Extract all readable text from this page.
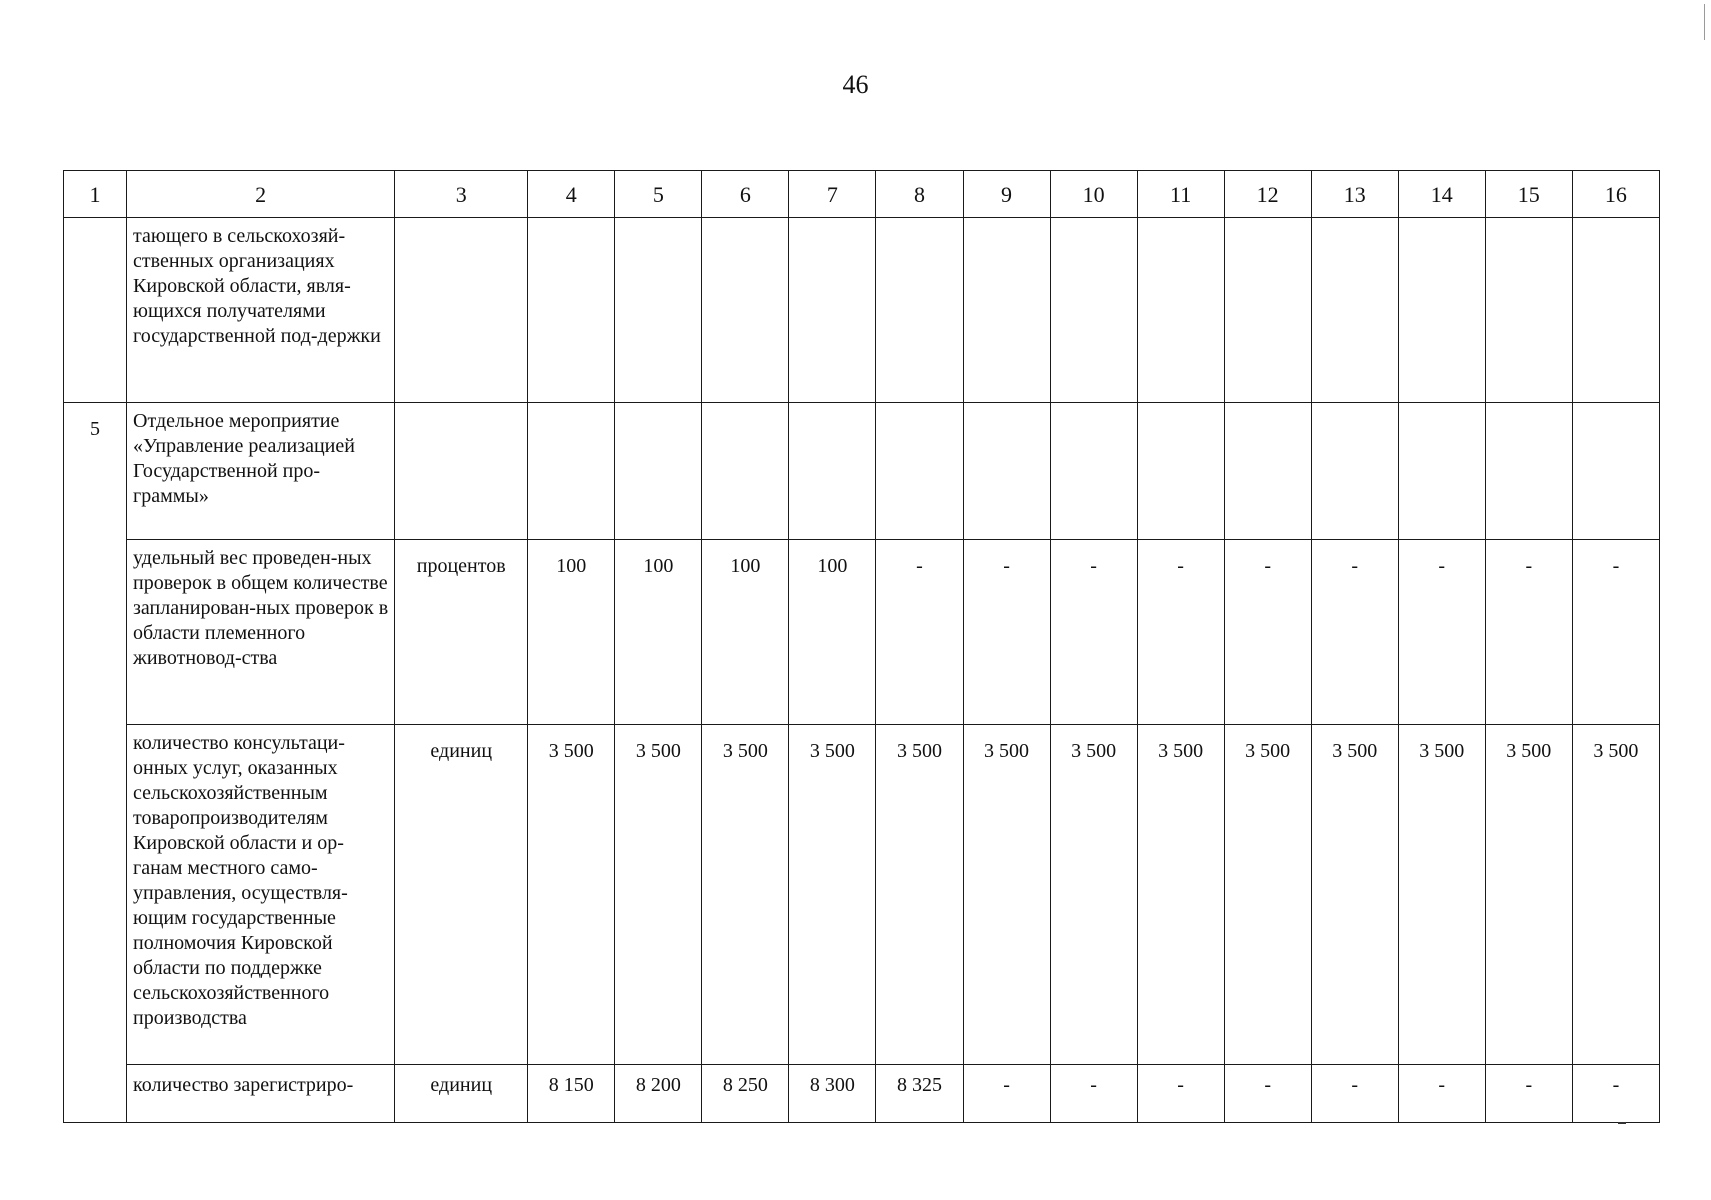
46
1	2	3	4	5	6	7	8	9	10	11	12	13	14	15	16
	тающего в сельскохозяй-ственных организациях Кировской области, явля-ющихся получателями государственной под-держки														
5	Отдельное мероприятие «Управление реализацией Государственной про-граммы»														
	удельный вес проведен-ных проверок в общем количестве запланирован-ных проверок в области племенного животновод-ства	процентов	100	100	100	100	-	-	-	-	-	-	-	-	-
	количество консультаци-онных услуг, оказанных сельскохозяйственным товаропроизводителям Кировской области и ор-ганам местного само-управления, осуществля-ющим государственные полномочия Кировской области по поддержке сельскохозяйственного производства	единиц	3 500	3 500	3 500	3 500	3 500	3 500	3 500	3 500	3 500	3 500	3 500	3 500	3 500
	количество зарегистриро-	единиц	8 150	8 200	8 250	8 300	8 325	-	-	-	-	-	-	-	-
